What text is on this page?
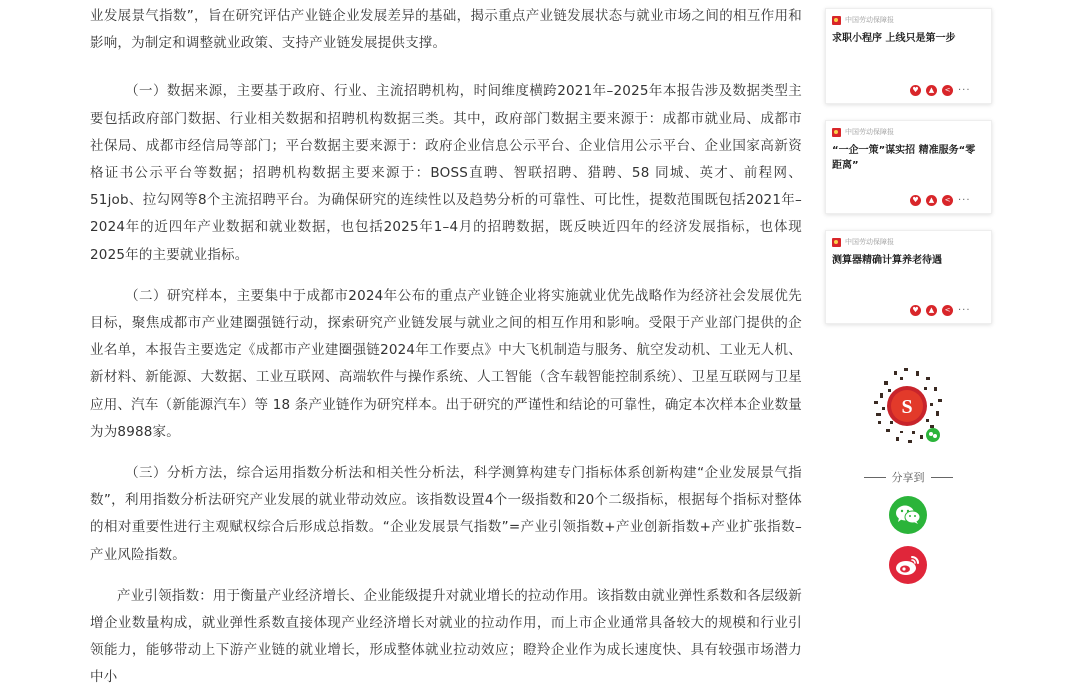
业发展景气指数”，旨在研究评估产业链企业发展差异的基础，揭示重点产业链发展状态与就业市场之间的相互作用和影响，为制定和调整就业政策、支持产业链发展提供支撑。

（一）数据来源，主要基于政府、行业、主流招聘机构，时间维度横跨2021年–2025年本报告涉及数据类型主要包括政府部门数据、行业相关数据和招聘机构数据三类。其中，政府部门数据主要来源于：成都市就业局、成都市社保局、成都市经信局等部门；平台数据主要来源于：政府企业信息公示平台、企业信用公示平台、企业国家高新资格证书公示平台等数据；招聘机构数据主要来源于：BOSS直聘、智联招聘、猎聘、58 同城、英才、前程网、51job、拉勾网等8个主流招聘平台。为确保研究的连续性以及趋势分析的可靠性、可比性，提数范围既包括2021年–2024年的近四年产业数据和就业数据，也包括2025年1–4月的招聘数据，既反映近四年的经济发展指标，也体现2025年的主要就业指标。

（二）研究样本，主要集中于成都市2024年公布的重点产业链企业将实施就业优先战略作为经济社会发展优先目标，聚焦成都市产业建圈强链行动，探索研究产业链发展与就业之间的相互作用和影响。受限于产业部门提供的企业名单，本报告主要选定《成都市产业建圈强链2024年工作要点》中大飞机制造与服务、航空发动机、工业无人机、新材料、新能源、大数据、工业互联网、高端软件与操作系统、人工智能（含车载智能控制系统）、卫星互联网与卫星应用、汽车（新能源汽车）等 18 条产业链作为研究样本。出于研究的严谨性和结论的可靠性，确定本次样本企业数量为为8988家。

（三）分析方法，综合运用指数分析法和相关性分析法，科学测算构建专门指标体系创新构建“企业发展景气指数”，利用指数分析法研究产业发展的就业带动效应。该指数设置4个一级指数和20个二级指标，根据每个指标对整体的相对重要性进行主观赋权综合后形成总指数。“企业发展景气指数”=产业引领指数+产业创新指数+产业扩张指数–产业风险指数。

产业引领指数：用于衡量产业经济增长、企业能级提升对就业增长的拉动作用。该指数由就业弹性系数和各层级新增企业数量构成，就业弹性系数直接体现产业经济增长对就业的拉动作用，而上市企业通常具备较大的规模和行业引领能力，能够带动上下游产业链的就业增长，形成整体就业拉动效应；瞪羚企业作为成长速度快、具有较强市场潜力中小

中国劳动保障报
求职小程序 上线只是第一步
♥	▲	< ···
中国劳动保障报
“一企一策”谋实招 精准服务“零距离”
♥	▲	< ···
中国劳动保障报
测算器精确计算养老待遇
♥	▲	< ···
S
分享到
